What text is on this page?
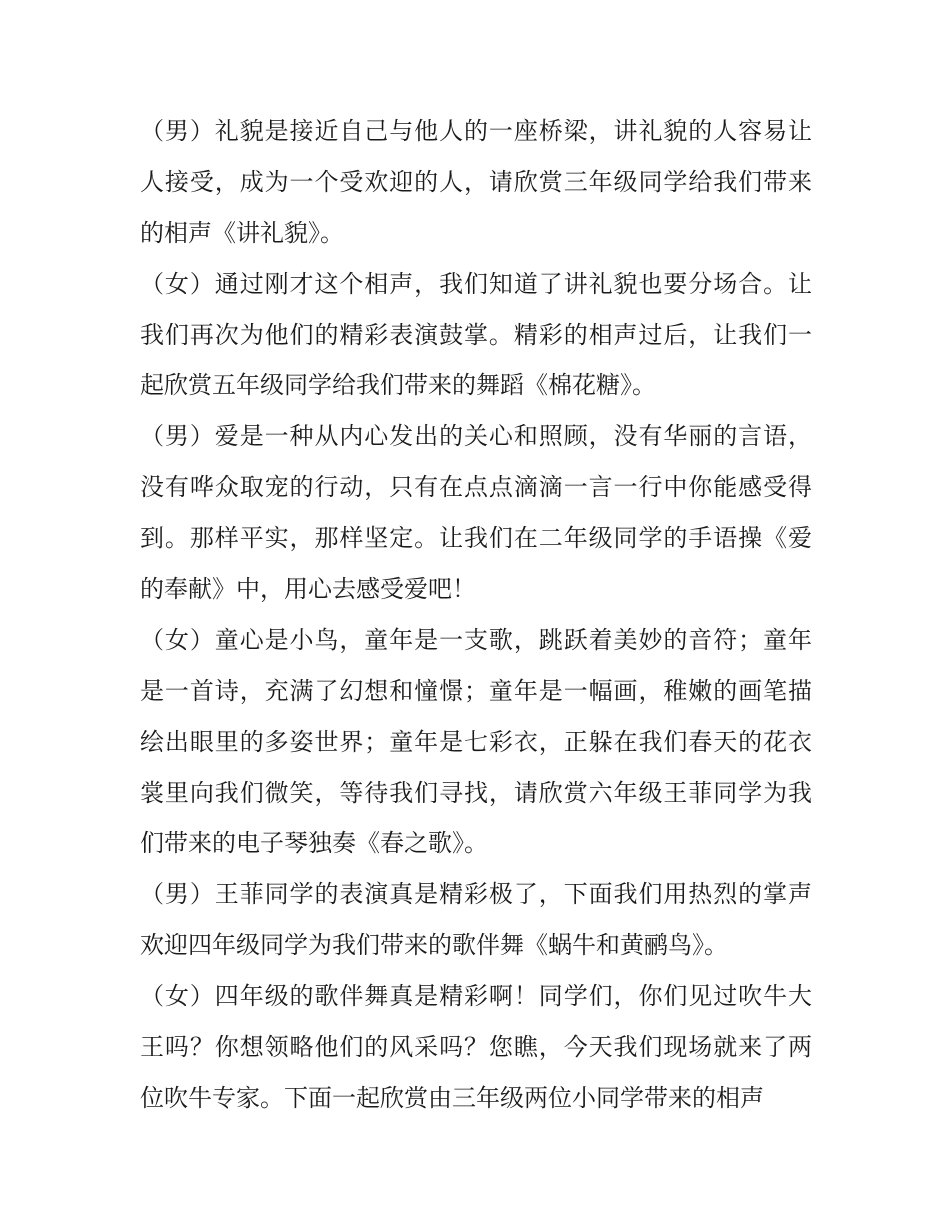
（男）礼貌是接近自己与他人的一座桥梁，讲礼貌的人容易让
人接受，成为一个受欢迎的人，请欣赏三年级同学给我们带来
的相声《讲礼貌》。
（女）通过刚才这个相声，我们知道了讲礼貌也要分场合。让
我们再次为他们的精彩表演鼓掌。精彩的相声过后，让我们一
起欣赏五年级同学给我们带来的舞蹈《棉花糖》。
（男）爱是一种从内心发出的关心和照顾，没有华丽的言语，
没有哗众取宠的行动，只有在点点滴滴一言一行中你能感受得
到。那样平实，那样坚定。让我们在二年级同学的手语操《爱
的奉献》中，用心去感受爱吧！
（女）童心是小鸟，童年是一支歌，跳跃着美妙的音符；童年
是一首诗，充满了幻想和憧憬；童年是一幅画，稚嫩的画笔描
绘出眼里的多姿世界；童年是七彩衣，正躲在我们春天的花衣
裳里向我们微笑，等待我们寻找，请欣赏六年级王菲同学为我
们带来的电子琴独奏《春之歌》。
（男）王菲同学的表演真是精彩极了，下面我们用热烈的掌声
欢迎四年级同学为我们带来的歌伴舞《蜗牛和黄鹂鸟》。
（女）四年级的歌伴舞真是精彩啊！同学们，你们见过吹牛大
王吗？你想领略他们的风采吗？您瞧，今天我们现场就来了两
位吹牛专家。下面一起欣赏由三年级两位小同学带来的相声
